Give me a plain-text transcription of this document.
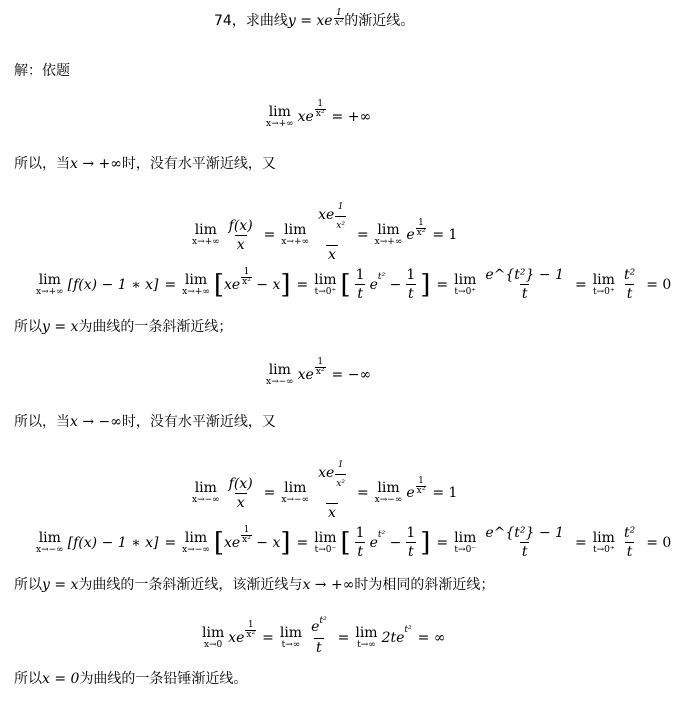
74，求曲线y = xe $\frac{1}{\text{x²}}$ 的渐近线。
解：依题
lim
x→+∞ xe $\frac{1}{\text{x²}}$ = +∞
所以，当x → +∞时，没有水平渐近线，又
lim
$x\to+\infty \frac{f(x)}{x} = \lim$
$x\to+\infty \frac{xe \frac{1}{\text{x²}}}{x} = \lim$
x→+∞ e $\frac{1}{\text{x²}} = 1$
lim
x→+∞ [f(x) − 1 ∗ x] = lim
x→+∞ [ xe $\frac{1}{\text{x²}} - x$ ] = lim
t→0⁺ [ $\frac{1}{t}$ e $t^2 - \frac{1}{t}$ ] = lim
$t\to 0^+ \frac{\text{e\textasciicircum{}\{t²\} − 1}}{t} = \lim$
$t\to 0^+ \frac{\text{t²}}{t} = 0$
所以y = x为曲线的一条斜渐近线；
lim
x→−∞ xe $\frac{1}{\text{x²}}$ = −∞
所以，当x → −∞时，没有水平渐近线，又
lim
$x\to-\infty \frac{f(x)}{x} = \lim$
$x\to-\infty \frac{xe \frac{1}{\text{x²}}}{x} = \lim$
x→−∞ e $\frac{1}{\text{x²}} = 1$
lim
x→−∞ [f(x) − 1 ∗ x] = lim
x→−∞ [ xe $\frac{1}{\text{x²}} - x$ ] = lim
t→0⁻ [ $\frac{1}{t}$ e $t^2 - \frac{1}{t}$ ] = lim
$t\to 0^- \frac{\text{e\textasciicircum{}\{t²\} − 1}}{t} = \lim$
$t\to 0^+ \frac{\text{t²}}{t} = 0$
所以y = x为曲线的一条斜渐近线，该渐近线与x → +∞时为相同的斜渐近线；
lim
x→0 xe $\frac{1}{\text{x²}} = \lim$
$t\to\infty \frac{\text{et²}}{t} = \lim$
t→∞ 2te t² = ∞
所以x = 0为曲线的一条铅锤渐近线。
